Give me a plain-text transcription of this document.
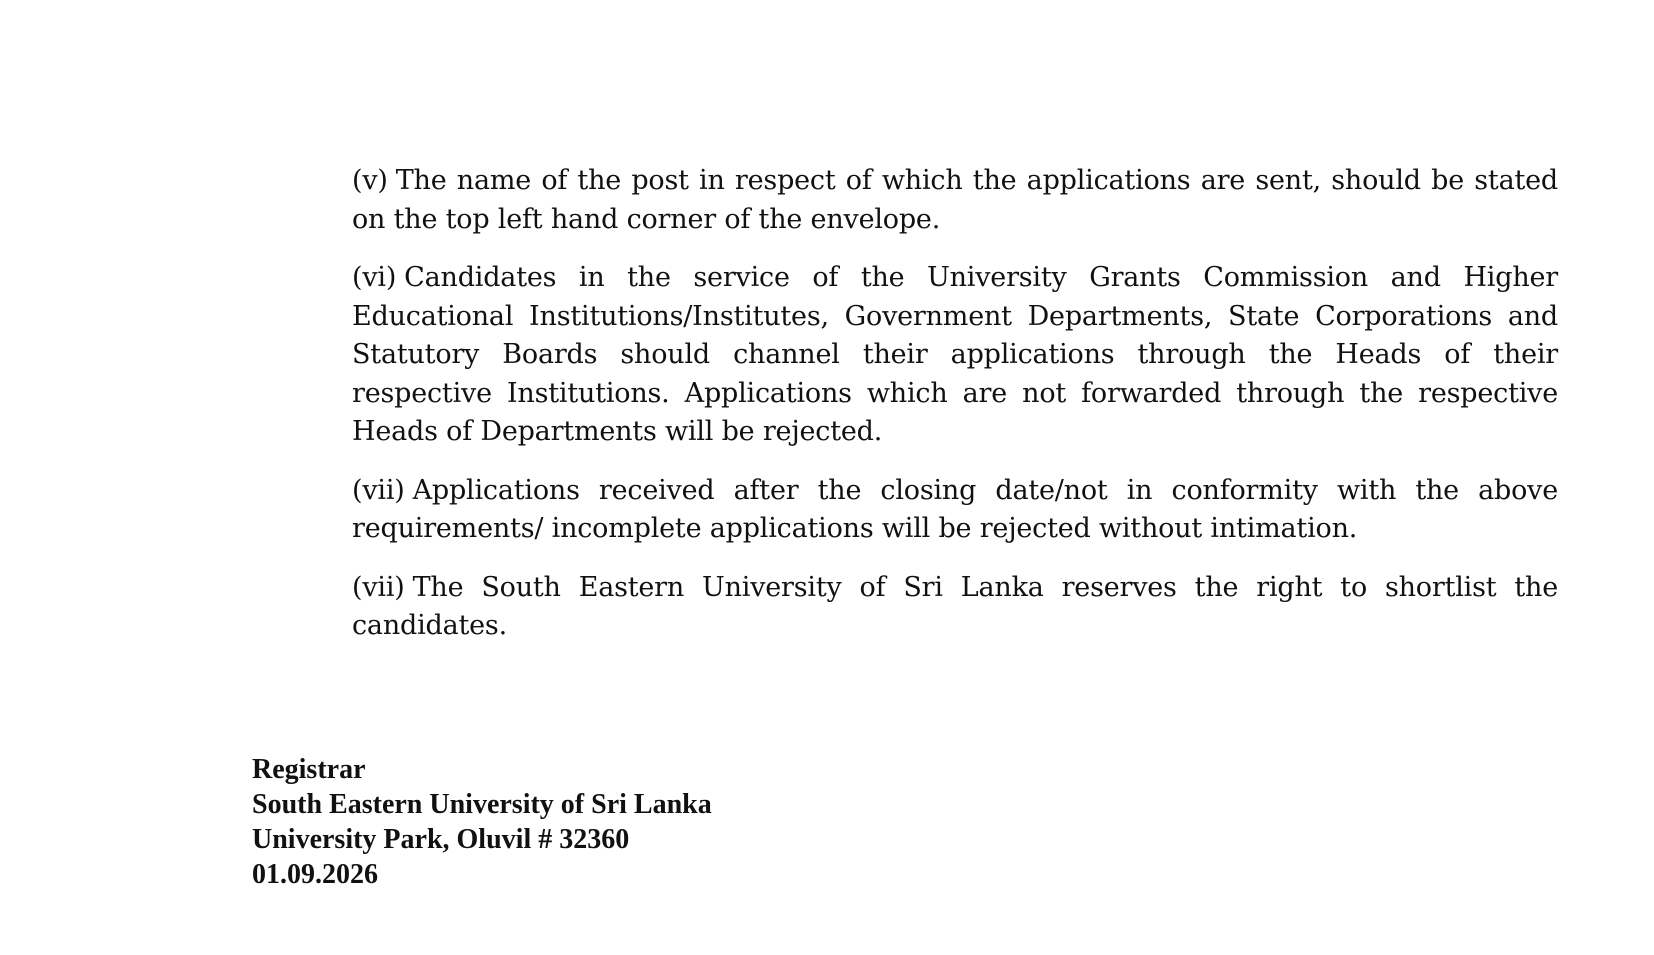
(v) The name of the post in respect of which the applications are sent, should be stated on the top left hand corner of the envelope.

(vi) Candidates in the service of the University Grants Commission and Higher Educational Institutions/Institutes, Government Departments, State Corporations and Statutory Boards should channel their applications through the Heads of their respective Institutions. Applications which are not forwarded through the respective Heads of Departments will be rejected.

(vii) Applications received after the closing date/not in conformity with the above requirements/ incomplete applications will be rejected without intimation.

(vii) The South Eastern University of Sri Lanka reserves the right to shortlist the candidates.

Registrar
South Eastern University of Sri Lanka
University Park, Oluvil # 32360
01.09.2026
